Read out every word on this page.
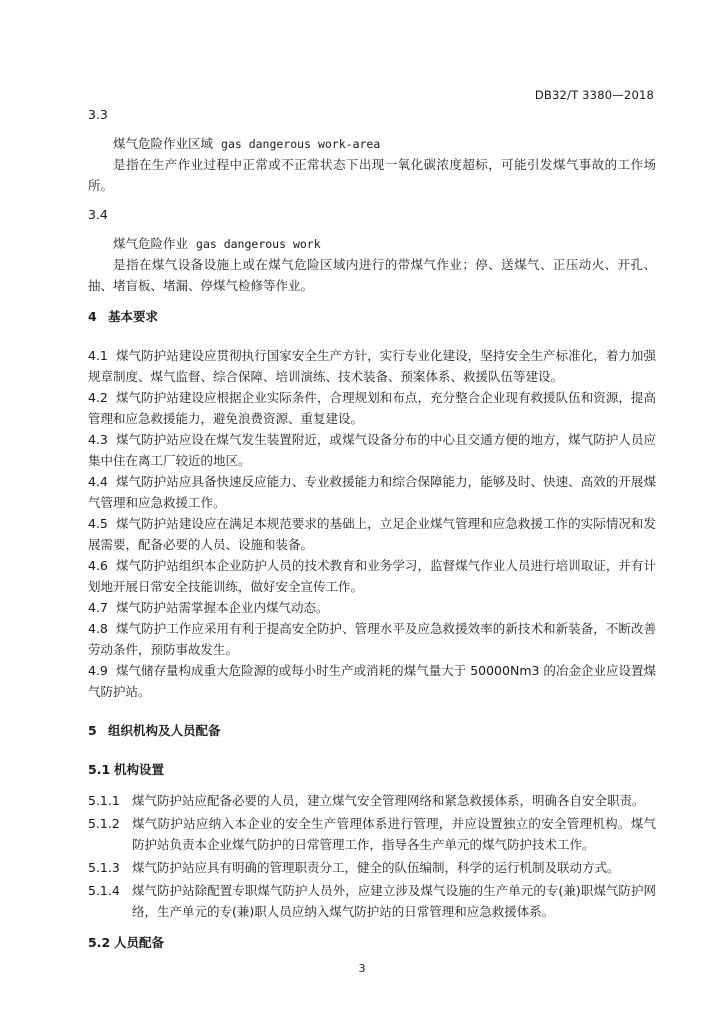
DB32/T 3380—2018
3.3
煤气危险作业区域 gas dangerous work-area
是指在生产作业过程中正常或不正常状态下出现一氧化碳浓度超标，可能引发煤气事故的工作场所。
3.4
煤气危险作业 gas dangerous work
是指在煤气设备设施上或在煤气危险区域内进行的带煤气作业；停、送煤气、正压动火、开孔、抽、堵盲板、堵漏、停煤气检修等作业。
4 基本要求
4.1 煤气防护站建设应贯彻执行国家安全生产方针，实行专业化建设，坚持安全生产标准化，着力加强规章制度、煤气监督、综合保障、培训演练、技术装备、预案体系、救援队伍等建设。
4.2 煤气防护站建设应根据企业实际条件，合理规划和布点，充分整合企业现有救援队伍和资源，提高管理和应急救援能力，避免浪费资源、重复建设。
4.3 煤气防护站应设在煤气发生装置附近，或煤气设备分布的中心且交通方便的地方，煤气防护人员应集中住在离工厂较近的地区。
4.4 煤气防护站应具备快速反应能力、专业救援能力和综合保障能力，能够及时、快速、高效的开展煤气管理和应急救援工作。
4.5 煤气防护站建设应在满足本规范要求的基础上，立足企业煤气管理和应急救援工作的实际情况和发展需要，配备必要的人员、设施和装备。
4.6 煤气防护站组织本企业防护人员的技术教育和业务学习，监督煤气作业人员进行培训取证，并有计划地开展日常安全技能训练，做好安全宣传工作。
4.7 煤气防护站需掌握本企业内煤气动态。
4.8 煤气防护工作应采用有利于提高安全防护、管理水平及应急救援效率的新技术和新装备，不断改善劳动条件，预防事故发生。
4.9 煤气储存量构成重大危险源的或每小时生产或消耗的煤气量大于 50000Nm3 的冶金企业应设置煤气防护站。
5 组织机构及人员配备
5.1 机构设置
5.1.1 煤气防护站应配备必要的人员，建立煤气安全管理网络和紧急救援体系，明确各自安全职责。
5.1.2 煤气防护站应纳入本企业的安全生产管理体系进行管理，并应设置独立的安全管理机构。煤气防护站负责本企业煤气防护的日常管理工作，指导各生产单元的煤气防护技术工作。
5.1.3 煤气防护站应具有明确的管理职责分工，健全的队伍编制，科学的运行机制及联动方式。
5.1.4 煤气防护站除配置专职煤气防护人员外，应建立涉及煤气设施的生产单元的专(兼)职煤气防护网络，生产单元的专(兼)职人员应纳入煤气防护站的日常管理和应急救援体系。
5.2 人员配备
3
